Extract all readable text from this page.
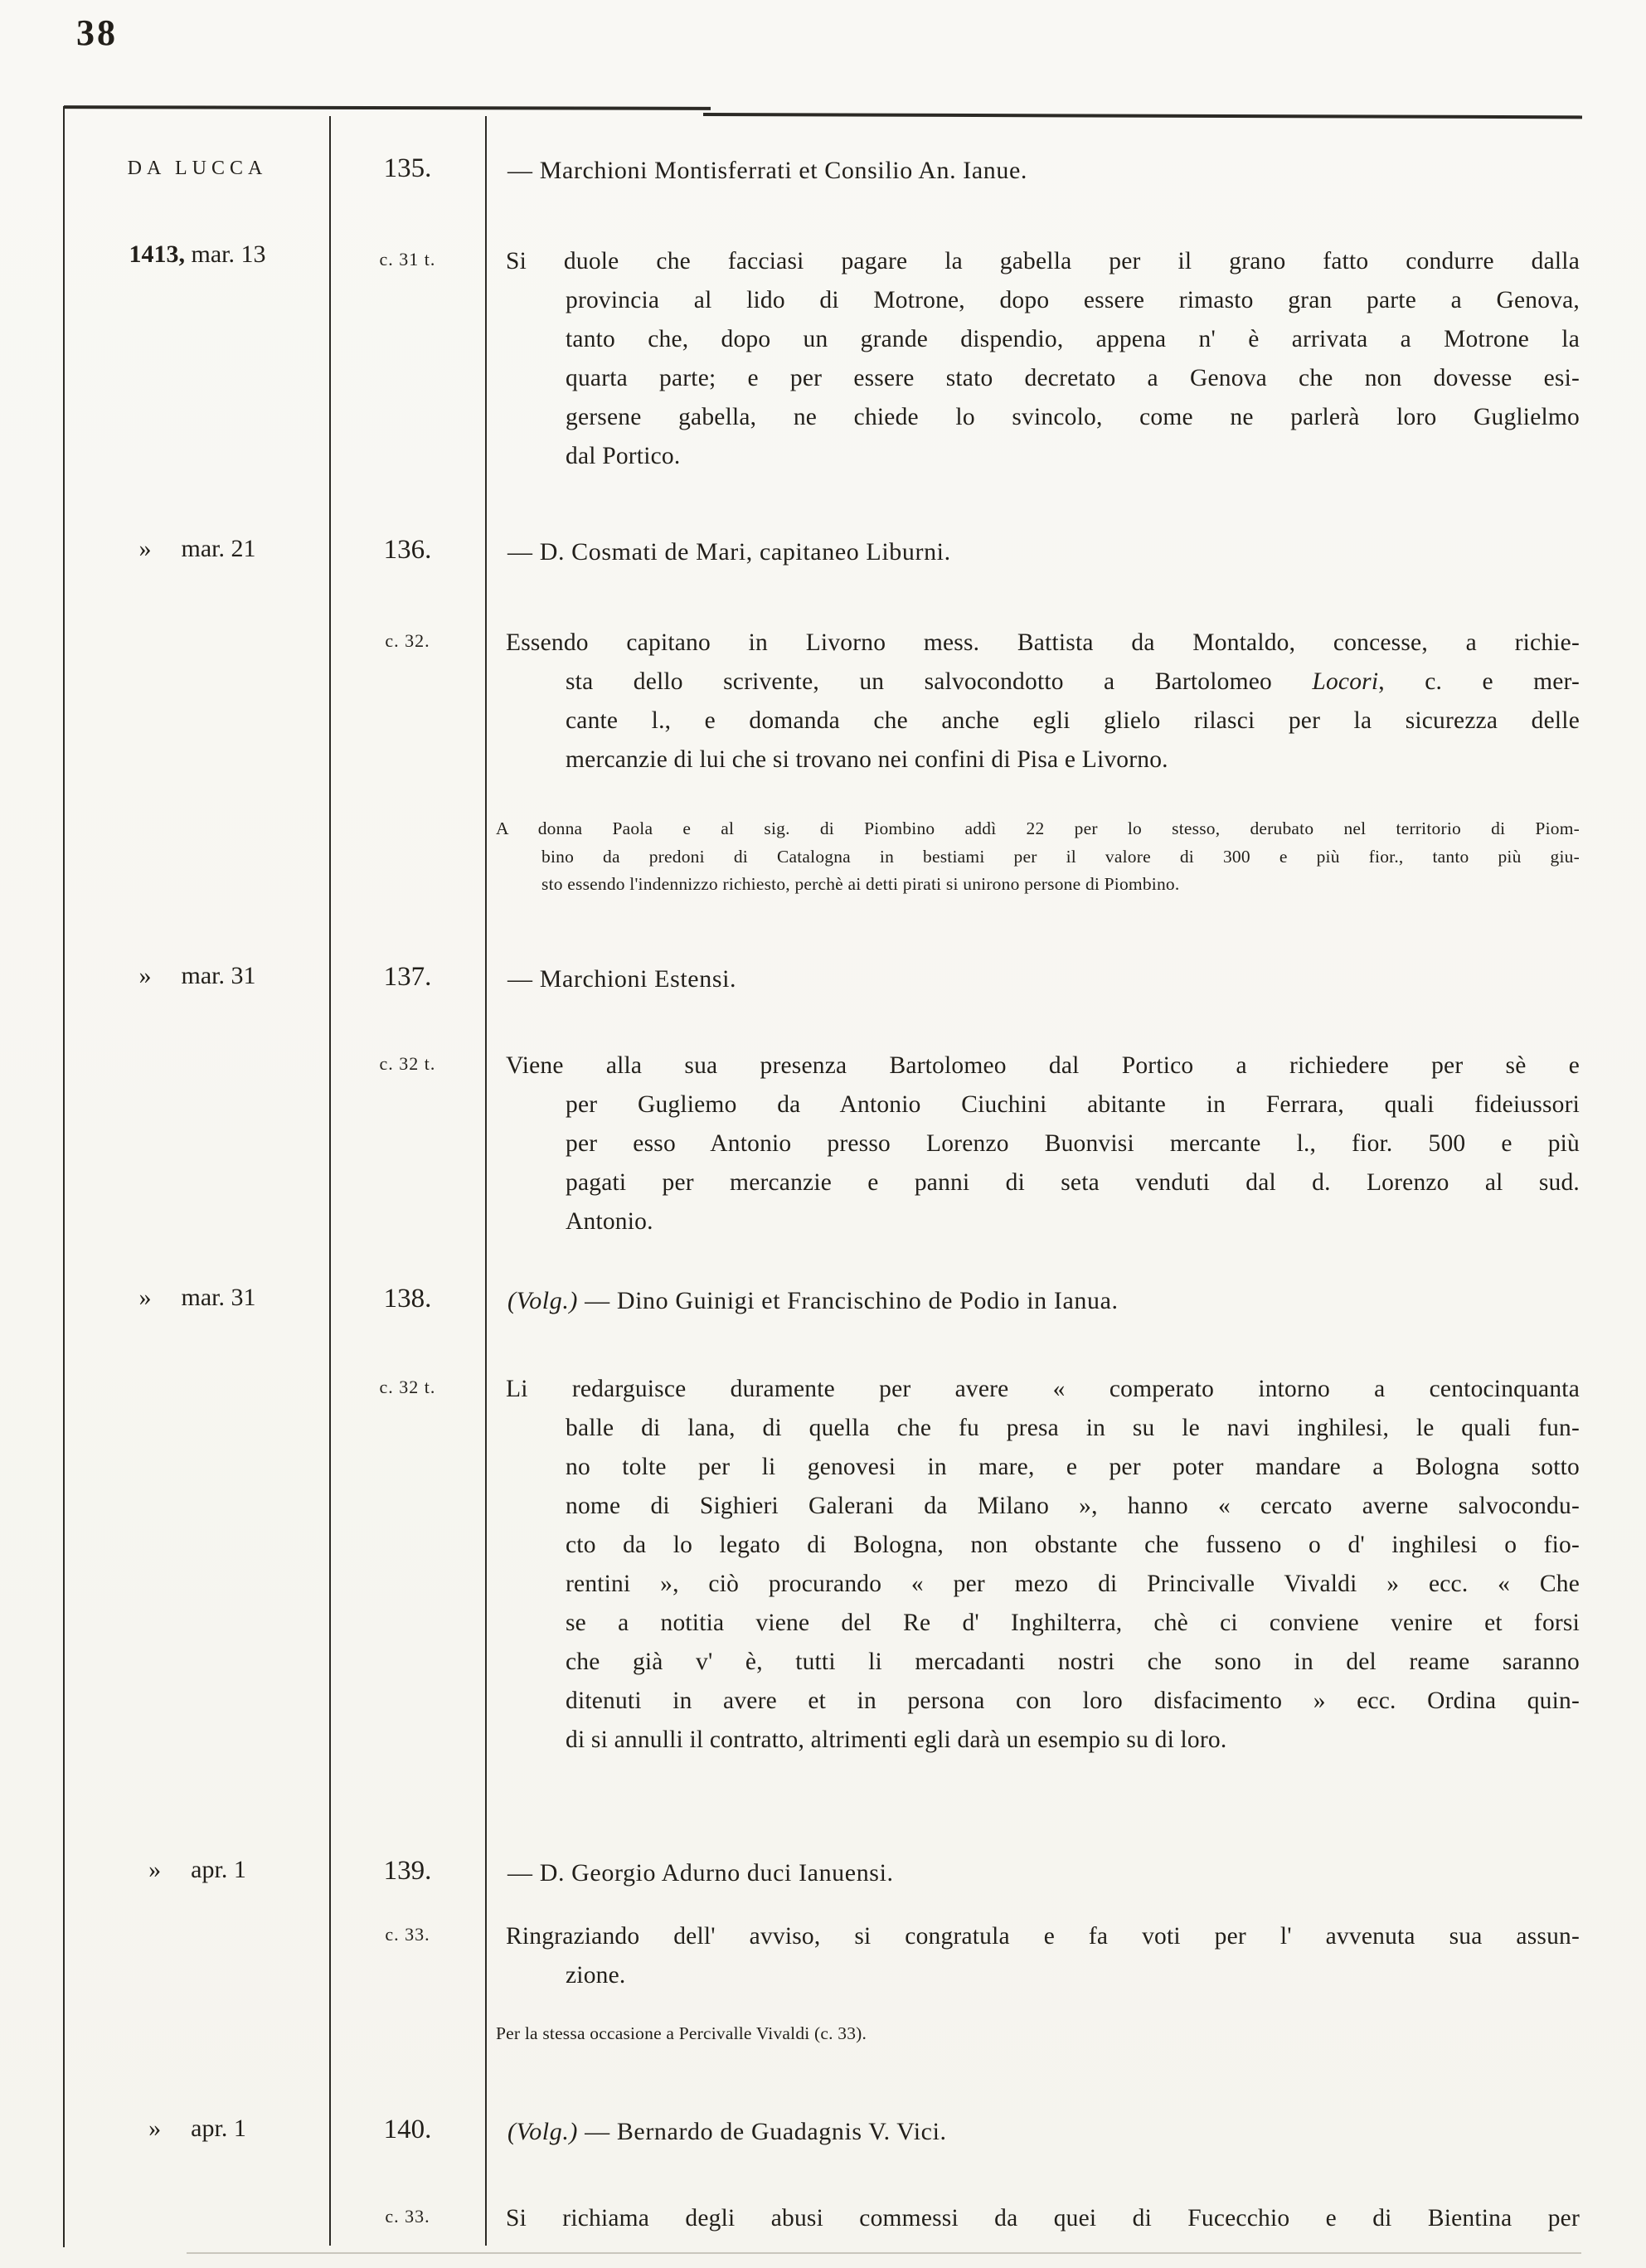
38
DA LUCCA	135.	— Marchioni Montisferrati et Consilio An. Ianue.
1413, mar. 13	c. 31 t.	Si duole che facciasi pagare la gabella per il grano fatto condurre dalla
provincia al lido di Motrone, dopo essere rimasto gran parte a Genova,
tanto che, dopo un grande dispendio, appena n' è arrivata a Motrone la
quarta parte; e per essere stato decretato a Genova che non dovesse esi-
gersene gabella, ne chiede lo svincolo, come ne parlerà loro Guglielmo
dal Portico.
» mar. 21	136.	— D. Cosmati de Mari, capitaneo Liburni.
c. 32.	Essendo capitano in Livorno mess. Battista da Montaldo, concesse, a richie-
sta dello scrivente, un salvocondotto a Bartolomeo Locori, c. e mer-
cante l., e domanda che anche egli glielo rilasci per la sicurezza delle
mercanzie di lui che si trovano nei confini di Pisa e Livorno.
A donna Paola e al sig. di Piombino addì 22 per lo stesso, derubato nel territorio di Piom-
bino da predoni di Catalogna in bestiami per il valore di 300 e più fior., tanto più giu-
sto essendo l'indennizzo richiesto, perchè ai detti pirati si unirono persone di Piombino.
» mar. 31	137.	— Marchioni Estensi.
c. 32 t.	Viene alla sua presenza Bartolomeo dal Portico a richiedere per sè e
per Gugliemo da Antonio Ciuchini abitante in Ferrara, quali fideiussori
per esso Antonio presso Lorenzo Buonvisi mercante l., fior. 500 e più
pagati per mercanzie e panni di seta venduti dal d. Lorenzo al sud.
Antonio.
» mar. 31	138.	(Volg.) — Dino Guinigi et Francischino de Podio in Ianua.
c. 32 t.	Li redarguisce duramente per avere « comperato intorno a centocinquanta
balle di lana, di quella che fu presa in su le navi inghilesi, le quali fun-
no tolte per li genovesi in mare, e per poter mandare a Bologna sotto
nome di Sighieri Galerani da Milano », hanno « cercato averne salvocondu-
cto da lo legato di Bologna, non obstante che fusseno o d' inghilesi o fio-
rentini », ciò procurando « per mezo di Princivalle Vivaldi » ecc. « Che
se a notitia viene del Re d' Inghilterra, chè ci conviene venire et forsi
che già v' è, tutti li mercadanti nostri che sono in del reame saranno
ditenuti in avere et in persona con loro disfacimento » ecc. Ordina quin-
di si annulli il contratto, altrimenti egli darà un esempio su di loro.
» apr. 1	139.	— D. Georgio Adurno duci Ianuensi.
c. 33.	Ringraziando dell' avviso, si congratula e fa voti per l' avvenuta sua assun-
zione.
Per la stessa occasione a Percivalle Vivaldi (c. 33).
» apr. 1	140.	(Volg.) — Bernardo de Guadagnis V. Vici.
c. 33.	Si richiama degli abusi commessi da quei di Fucecchio e di Bientina per
